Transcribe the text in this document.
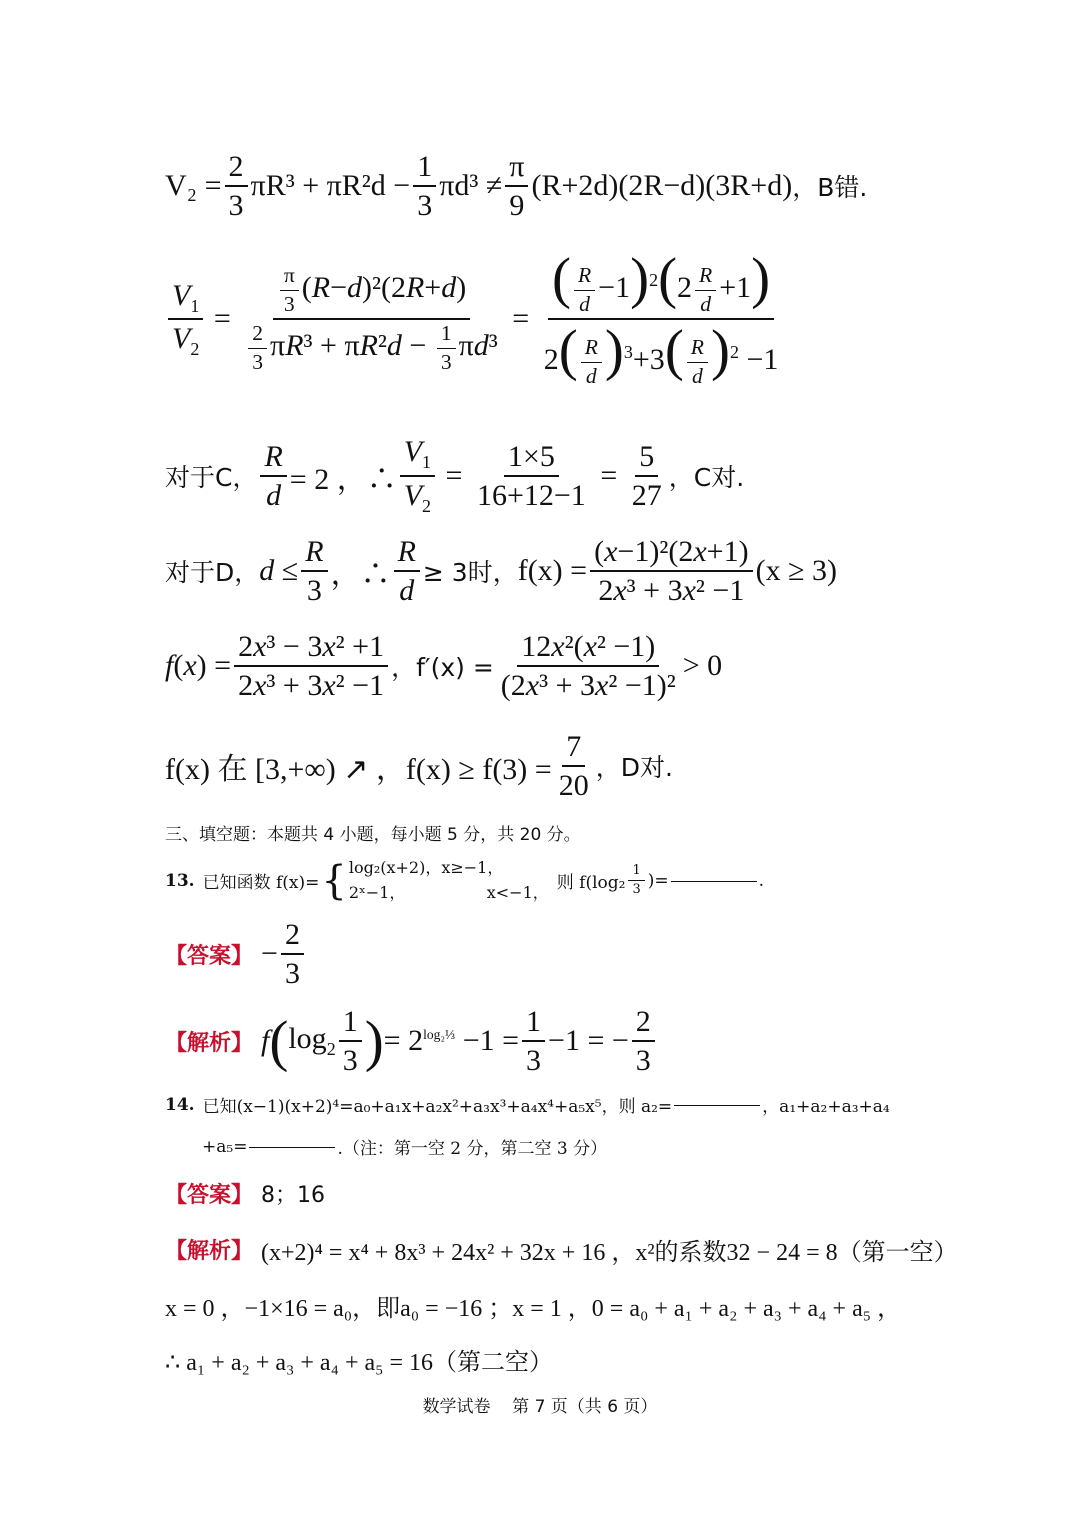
$V_2 = \frac{2}{3} \pi R^3 + \pi R^2d - \frac{1}{3} \pi d^3 \ne \frac{\pi}{9} (R+2d)(2R-d)(3R+d)$ ，B错.
$\frac{V_1}{V_2} = \frac{\frac{\pi}{3} (R-d)^2(2R+d)}{\frac{2}{3} \pi R^3 + \pi R^2d - \frac{1}{3} \pi d^3} = \frac{( \frac{R}{d} -1)^2(2 \frac{R}{d} +1)}{2( \frac{R}{d} )^3+3( \frac{R}{d} )^2 -1}$
对于C， $\frac{R}{d} = 2$ ，∴ $\frac{V_1}{V_2} = \frac{1\times 5}{16+12-1} = \frac{5}{27}$ ，C对.
对于D， $d \le \frac{R}{3}$ ，∴ $\frac{R}{d} \ge 3$时， $f(x) = \frac{\text{(x−1)²(2x+1)}}{\text{2x³ + 3x² −1}} (x \ge 3)$
$f(x) = \frac{\text{2x³ − 3x² +1}}{\text{2x³ + 3x² −1}}$ ，$f'(x) = \frac{\text{12x²(x² −1)}}{\text{(2x³ + 3x² −1)²}} > 0$
f(x) 在 [3,+∞) ↗ ，$f(x) \ge f(3) = \frac{7}{20}$ ，D对.
三、填空题：本题共 4 小题，每小题 5 分，共 20 分。
13. 已知函数 f(x)= { log₂(x+2)，x≥−1，
2ˣ−1，                x<−1， 则 $f(\log_2 \frac{1}{3}$ )=	.
【答案】 − $\frac{2}{3}$
【解析】 f ( $\log_2 \frac{1}{3}$ ) = $2^{log_2\frac{1}{3}} -1 = \frac{1}{3} -1$ = − $\frac{2}{3}$
14. 已知(x−1)(x+2)⁴=a₀+a₁x+a₂x²+a₃x³+a₄x⁴+a₅x⁵，则 a₂=	，a₁+a₂+a₃+a₄
+a₅=	.（注：第一空 2 分，第二空 3 分）
【答案】 8；16
【解析】 (x+2)⁴ = x⁴ + 8x³ + 24x² + 32x + 16 ，x²的系数32 − 24 = 8（第一空）
x = 0 ，−1×16 = a₀，即a₀ = −16 ；x = 1 ，0 = a₀ + a₁ + a₂ + a₃ + a₄ + a₅ ，
∴ a₁ + a₂ + a₃ + a₄ + a₅ = 16（第二空）
数学试卷    第 7 页（共 6 页）
